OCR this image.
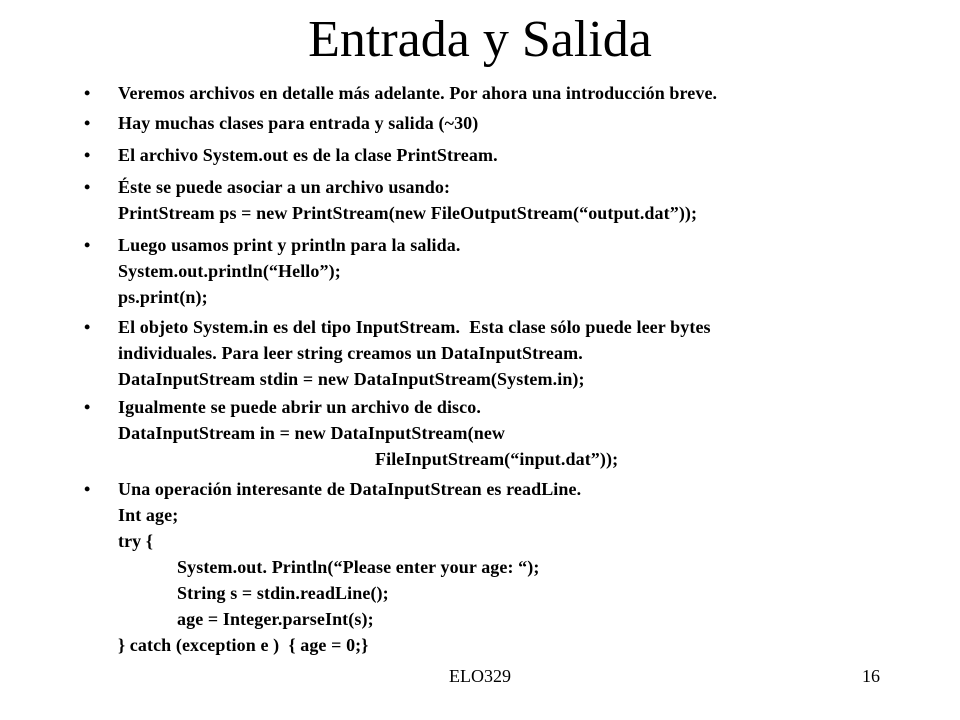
Entrada y Salida
• Veremos archivos en detalle más adelante. Por ahora una introducción breve.
• Hay muchas clases para entrada y salida (~30)
• El archivo System.out es de la clase PrintStream.
• Éste se puede asociar a un archivo usando:
PrintStream ps = new PrintStream(new FileOutputStream(“output.dat”));
• Luego usamos print y println para la salida.
System.out.println(“Hello”);
ps.print(n);
• El objeto System.in es del tipo InputStream.  Esta clase sólo puede leer bytes
individuales. Para leer string creamos un DataInputStream.
DataInputStream stdin = new DataInputStream(System.in);
• Igualmente se puede abrir un archivo de disco.
DataInputStream in = new DataInputStream(new
FileInputStream(“input.dat”));
• Una operación interesante de DataInputStrean es readLine.
Int age;
try {
System.out. Println(“Please enter your age: “);
String s = stdin.readLine();
age = Integer.parseInt(s);
} catch (exception e )  { age = 0;}
ELO329	16
